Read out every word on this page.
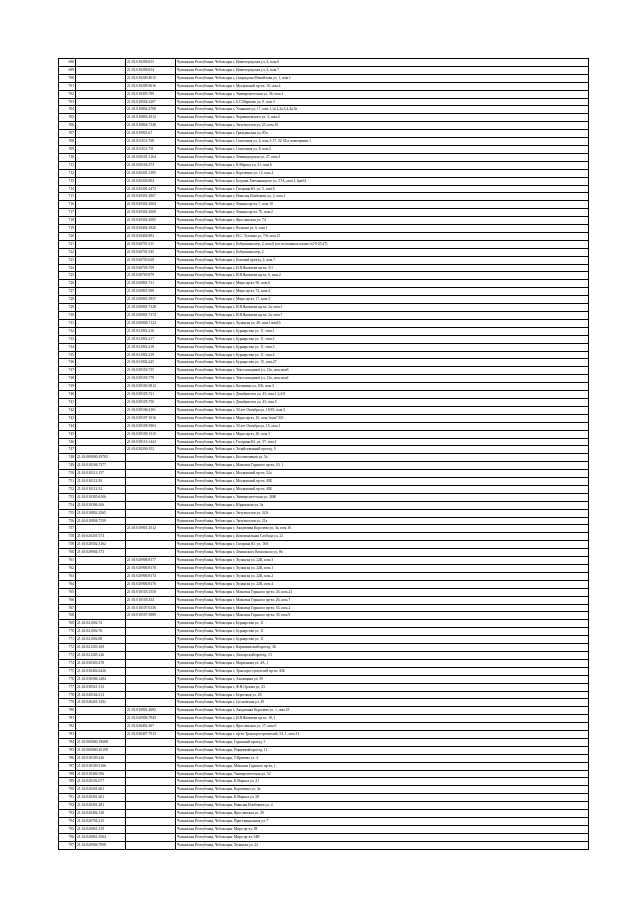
698		21:01:010206:815	Чувашская Республика, Чебоксары г, Нижегородская ул, 4, пом.6
699		21:01:010206:814	Чувашская Республика, Чебоксары г, Нижегородская ул, 4, пом.7
700		21:01:010209:4015	Чувашская Республика, Чебоксары г, Спиридона Михайлова ул, 1, пом.1
701		21:01:010209:5616	Чувашская Республика, Чебоксары г, Московский пр-кт, 10, пом.4
702		21:01:010305:789	Чувашская Республика, Чебоксары г, Университетская ул, 36, пом.3
703		21:01:010504:3207	Чувашская Республика, Чебоксары г, Б.С.Маркова ул, 8, пом.3
704		21:01:010802:2708	Чувашская Республика, Чебоксары г, Ульянова ул, 17, пом.1,1а,2,2а,3,4,4а,5а
705		21:01:010803:1912	Чувашская Республика, Чебоксары г, Чернышевского ул, 3, пом.4
706		21:01:010804:7348	Чувашская Республика, Чебоксары г, Энтузиастов ул, 23, пом.10
707		21:01:010901:67	Чувашская Республика, Чебоксары г, Гражданская ул, 85а
708		21:01:011101:708	Чувашская Республика, Чебоксары г, Совхозная ул, 4, пом.1-17, 32-34 в помещении 1
709		21:01:011101:751	Чувашская Республика, Чебоксары г, Совхозная ул, 8, пом.2
710		21:01:020101:1164	Чувашская Республика, Чебоксары г, Ленинградская ул, 27, пом.3
711		21:01:020104:373	Чувашская Республика, Чебоксары г, К.Маркса ул, 31, пом.6
712		21:01:020201:1385	Чувашская Республика, Чебоксары г, Короленко ул, 12, пом.2
713		21:01:020204:804	Чувашская Республика, Чебоксары г, Богдана Хмельницкого ул, 57А, пом.1,1циб4
714		21:01:020301:2473	Чувашская Республика, Чебоксары г, Гагарина Ю. ул, 5, пом.6
715		21:01:020301:2867	Чувашская Республика, Чебоксары г, Николая Ильбекова ул, 2, пом.1
716		21:01:020302:1604	Чувашская Республика, Чебоксары г, Ленина пр-кт, 7, пом.10
717		21:01:020302:1600	Чувашская Республика, Чебоксары г, Ленина пр-кт, 70, пом.2
718		21:01:020302:2005	Чувашская Республика, Чебоксары г, Ярославская ул, 74
719		21:01:020404:1826	Чувашская Республика, Чебоксары г, Волкова ул, 6, пом.1
720		21:01:020404:892	Чувашская Республика, Чебоксары г, Н.С. Тухтина ул, 7/8, пом.15
721		21:01:020701:511	Чувашская Республика, Чебоксары г, Бабушкина пер, 2, пом.6 (по поэтажном плане №19-25,27)
722		21:01:020701:545	Чувашская Республика, Чебоксары г, Бабушкина пер, 2
723		21:01:020703:628	Чувашская Республика, Чебоксары г, Базовый проезд, 4, пом.7
724		21:01:020703:759	Чувашская Республика, Чебоксары г, И.Я.Яковлева пр-кт, 3/1
725		21:01:020705:879	Чувашская Республика, Чебоксары г, И.Я.Яковлева пр-кт, 6, пом.2
726		21:01:020801:721	Чувашская Республика, Чебоксары г, Мира пр-кт, 90, пом.6
727		21:01:020801:998	Чувашская Республика, Чебоксары г, Мира пр-кт, 72, пом.4
728		21:01:020901:5937	Чувашская Республика, Чебоксары г, Мира пр-кт, 17, пом.3
729		21:01:020901:7328	Чувашская Республика, Чебоксары г, И.Я.Яковлева пр-кт, 2а, пом.1
730		21:01:020901:7374	Чувашская Республика, Чебоксары г, И.Я.Яковлева пр-кт, 2а, пом.7
731		21:01:020906:7124	Чувашская Республика, Чебоксары г, Хузангая ул, 40, пом.1пом16
732		21:01:021002:216	Чувашская Республика, Чебоксары г, Бурнарсова ул, 11, пом.1
733		21:01:021002:217	Чувашская Республика, Чебоксары г, Бурнарсова ул, 11, пом.2
734		21:01:021002:218	Чувашская Республика, Чебоксары г, Бурнарсова ул, 11, пом.3
735		21:01:021002:219	Чувашская Республика, Чебоксары г, Бурнарсова ул, 11, пом.4
736		21:01:021002:245	Чувашская Республика, Чебоксары г, Бурнарсова ул, 15, пом.27
737		21:01:030103:735	Чувашская Республика, Чебоксары г, Текстильщиков ул, 13а, пом.пом3
738		21:01:030103:778	Чувашская Республика, Чебоксары г, Текстильщиков ул, 13а, пом.пом4
739		21:01:030103:3812	Чувашская Республика, Чебоксары г, Калинина ул, 106, пом.3
740		21:01:030105:721	Чувашская Республика, Чебоксары г, Декабристов ул, 43, пом.1,2,4-8
741		21:01:030105:750	Чувашская Республика, Чебоксары г, Декабристов ул, 43, пом.5
742		21:01:030106:2161	Чувашская Республика, Чебоксары г, 50 лет Октября ул, 18/45, пом.3
743		21:01:030107:1016	Чувашская Республика, Чебоксары г, Мира пр-кт, 16, пом.1пом7,8,9
744		21:01:030108:3963	Чувашская Республика, Чебоксары г, 50 лет Октября ул, 15, пом.1
745		21:01:030109:1515	Чувашская Республика, Чебоксары г, Мира пр-кт, 26, пом.1
746		21:01:030113:1444	Чувашская Республика, Чебоксары г, Гагарина Ю. ул, 37, пом.2
747		21:01:030206:352	Чувашская Республика, Чебоксары г, Хозяйственный проезд, 9
748	21:01:000000:19783		Чувашская Республика, Чебоксары г, Коллективная ул, 5а
749	21:01:010104:7377		Чувашская Республика, Чебоксары г, Максима Горького пр-кт, 10, 1
750	21:01:010111:157		Чувашская Республика, Чебоксары г, Московский пр-кт, 52а
751	21:01:010112:50		Чувашская Республика, Чебоксары г, Московский пр-кт, 40Б
752	21:01:010112:54		Чувашская Республика, Чебоксары г, Московский пр-кт, 40Б
753	21:01:010305:6106		Чувашская Республика, Чебоксары г, Университетская ул, 38Ж
754	21:01:010306:166		Чувашская Республика, Чебоксары г, Юрковская ул, 3а
755	21:01:010802:3565		Чувашская Республика, Чебоксары г, Энтузиастов ул, 32А
756	21:01:010804:7559		Чувашская Республика, Чебоксары г, Энтузиастов ул, 21а
757		21:01:010901:2512	Чувашская Республика, Чебоксары г, Академика Королева ул, 3а, пом.16
758	21:01:020201:573		Чувашская Республика, Чебоксары г, Коммунальная Слобода ул, 21
759	21:01:020502:3162		Чувашская Республика, Чебоксары г, Гагарина Ю. ул, 16А
760	21:01:020904:173		Чувашская Республика, Чебоксары г, Ленинского Комсомола ул, 8в
761		21:01:020906:8177	Чувашская Республика, Чебоксары г, Хузангая ул, 22К, пом.3
762		21:01:020906:8178	Чувашская Республика, Чебоксары г, Хузангая ул, 22К, пом.1
763		21:01:020906:8174	Чувашская Республика, Чебоксары г, Хузангая ул, 22К, пом.2
764		21:01:020906:8176	Чувашская Республика, Чебоксары г, Хузангая ул, 22К, пом.4
765		21:01:010103:1550	Чувашская Республика, Чебоксары г, Максима Горького пр-кт, 26, пом.23
766		21:01:010103:334	Чувашская Республика, Чебоксары г, Максима Горького пр-кт, 26, пом.7
767		21:01:010107:6136	Чувашская Республика, Чебоксары г, Максима Горького пр-кт, 33, пом.2
768		21:01:010107:5889	Чувашская Республика, Чебоксары г, Максима Горького пр-кт, 33, пом.9
769	21:01:021002:72		Чувашская Республика, Чебоксары г, Бурнарсова ул, 11
770	21:01:021002:76		Чувашская Республика, Чебоксары г, Бурнарсова ул, 11
771	21:01:021002:88		Чувашская Республика, Чебоксары г, Бурнарсова ул, 11
772	21:01:021203:169		Чувашская Республика, Чебоксары г, Карамзинский проезд, 3Б
773	21:01:021205:126		Чувашская Республика, Чебоксары г, Лапсарский проезд, 13
774	21:01:030303:278		Чувашская Республика, Чебоксары г, Мартынова ул, 4А, 1
775	21:01:030402:6426		Чувашская Республика, Чебоксары г, Тракторостроителей пр-кт, 45Б
776	21:01:030506:1484		Чувашская Республика, Чебоксары г, Ахазицина ул, 39
777	21:01:030521:313		Чувашская Республика, Чебоксары г, Ф.Н.Орлова ул, 23
778	21:01:040104:213		Чувашская Республика, Чебоксары г, Береговая ул, 26
779	21:01:040201:1292		Чувашская Республика, Чебоксары г, Сосновская ул, 49
780		21:01:010901:2692	Чувашская Республика, Чебоксары г, Академика Королева ул, 1, пом.18
781		21:01:020906:7943	Чувашская Республика, Чебоксары г, И.Я.Яковлева пр-кт, 18, 1
782		21:01:020402:367	Чувашская Республика, Чебоксары г, Ярославская ул, 17, пом.5
783		21:01:030407:7913	Чувашская Республика, Чебоксары г, пр-кт Тракторостроителей, 54, 1, пом.13
784	21:01:000000:19688		Чувашская Республика, Чебоксары, Гаражный проезд, 5
785	21:01:000000:20198		Чувашская Республика, Чебоксары, Пищевкий проезд, 11
786	21:01:010109:226		Чувашская Республика, Чебоксары, Т.Кривова ул, 4
787	21:01:010109:5166		Чувашская Республика, Чебоксары, Максима Горького пр-кт, 1
788	21:01:010306:706		Чувашская Республика, Чебоксары, Университетская ул, 52
789	21:01:020102:677		Чувашская Республика, Чебоксары, К.Маркса ул, 21
790	21:01:020201:661		Чувашская Республика, Чебоксары, Короленко ул, 4а
791	21:01:020301:261		Чувашская Республика, Чебоксары, К.Маркса ул, 58
792	21:01:020301:281		Чувашская Республика, Чебоксары, Николая Ильбекова ул, 4
793	21:01:020402:138		Чувашская Республика, Чебоксары, Ярославская ул, 39
794	21:01:020704:215		Чувашская Республика, Чебоксары, Пристанционная ул, 7
795	21:01:020801:319		Чувашская Республика, Чебоксары, Мира пр-кт, 38
796	21:01:020801:3564		Чувашская Республика, Чебоксары, Мира пр-кт, 54В
797	21:01:020906:7908		Чувашская Республика, Чебоксары, Хузангая ул, 22
